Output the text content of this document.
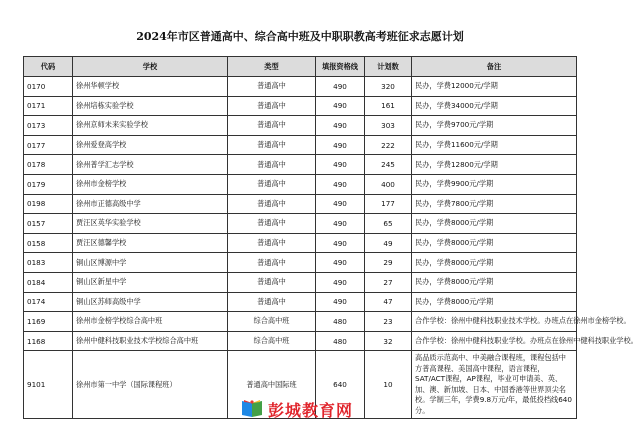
2024年市区普通高中、综合高中班及中职职教高考班征求志愿计划
代码	学校	类型	填报资格线	计划数	备注
0170	徐州华顿学校	普通高中	490	320	民办，学费12000元/学期
0171	徐州培栋实验学校	普通高中	490	161	民办，学费34000元/学期
0173	徐州京师未来实验学校	普通高中	490	303	民办，学费9700元/学期
0177	徐州爱登高学校	普通高中	490	222	民办，学费11600元/学期
0178	徐州普学汇志学校	普通高中	490	245	民办，学费12800元/学期
0179	徐州市金榜学校	普通高中	490	400	民办，学费9900元/学期
0198	徐州市正德高级中学	普通高中	490	177	民办，学费7800元/学期
0157	贾汪区英华实验学校	普通高中	490	65	民办，学费8000元/学期
0158	贾汪区德馨学校	普通高中	490	49	民办，学费8000元/学期
0183	铜山区博源中学	普通高中	490	29	民办，学费8000元/学期
0184	铜山区新星中学	普通高中	490	27	民办，学费8000元/学期
0174	铜山区苏师高级中学	普通高中	490	47	民办，学费8000元/学期
1169	徐州市金榜学校综合高中班	综合高中班	480	23	合作学校：徐州中健科技职业技术学校。办班点在徐州市金榜学校。
1168	徐州中健科技职业技术学校综合高中班	综合高中班	480	32	合作学校：徐州中健科技职业学校。办班点在徐州中健科技职业学校。
9101	徐州市第一中学（国际课程班）	普通高中国际班	640	10	高品质示范高中、中美融合课程班，课程包括中方普高课程、美国高中课程，语言课程，SAT/ACT课程，AP课程，毕业可申请美、英、加、澳、新加坡、日本、中国香港等世界顶尖名校。学制三年，学费9.8万元/年，最低投档线640分。
彭城教育网
